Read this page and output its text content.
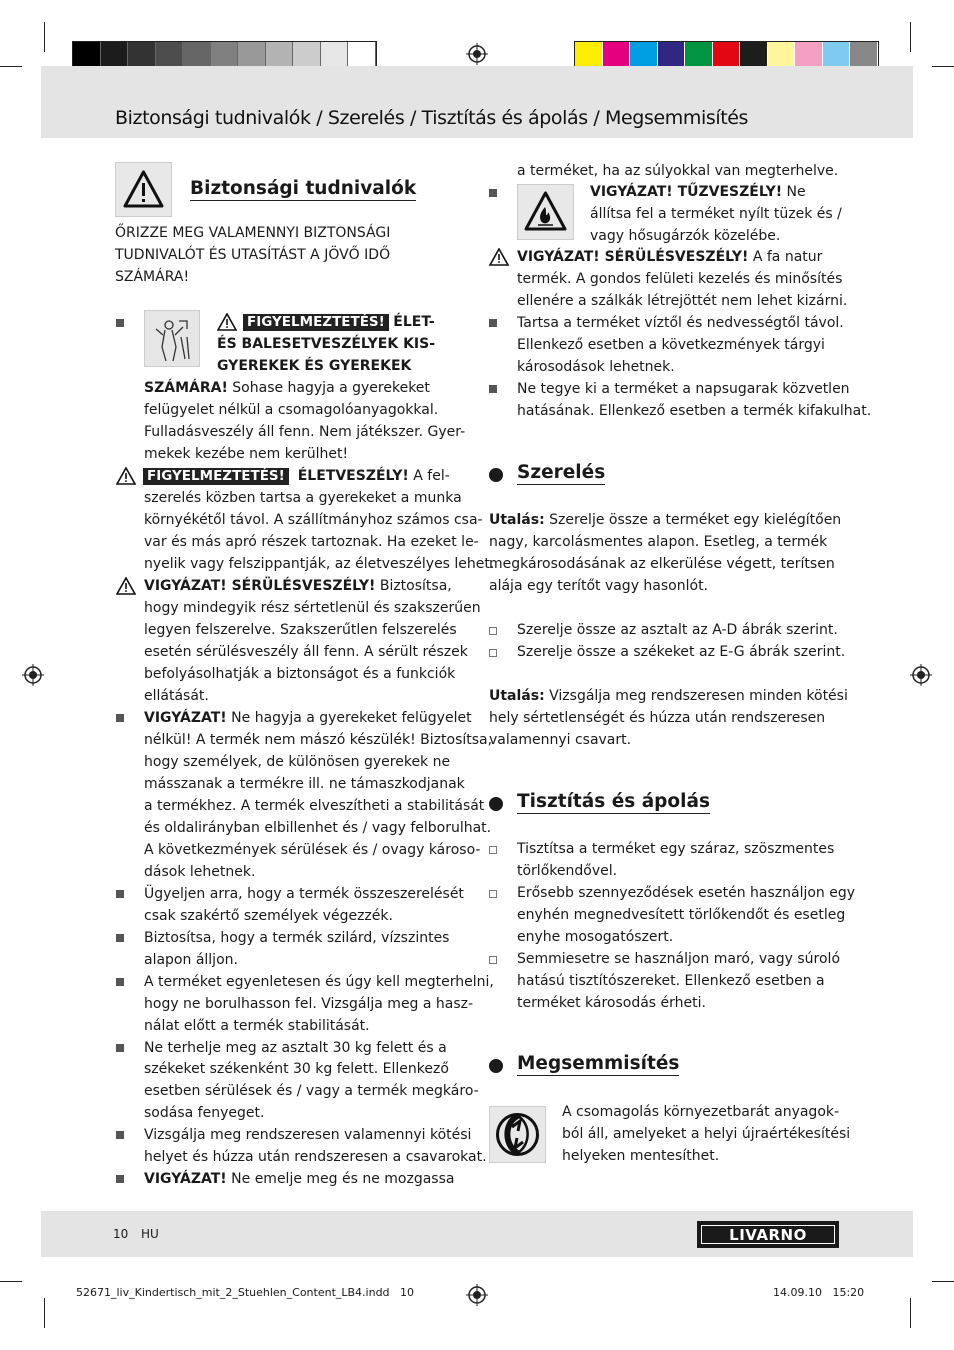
Biztonsági tudnivalók / Szerelés / Tisztítás és ápolás / Megsemmisítés
Biztonsági tudnivalók
ŐRIZZE MEG VALAMENNYI BIZTONSÁGI
TUDNIVALÓT ÉS UTASÍTÁST A JÖVŐ IDŐ
SZÁMÁRA!
FIGYELMEZTETÉS! ÉLET-
ÉS BALESETVESZÉLYEK KIS-
GYEREKEK ÉS GYEREKEK
SZÁMÁRA! Sohase hagyja a gyerekeket
felügyelet nélkül a csomagolóanyagokkal.
Fulladásveszély áll fenn. Nem játékszer. Gyer-
mekek kezébe nem kerülhet!
FIGYELMEZTETÉS! ÉLETVESZÉLY! A fel-
szerelés közben tartsa a gyerekeket a munka
környékétől távol. A szállítmányhoz számos csa-
var és más apró részek tartoznak. Ha ezeket le-
nyelik vagy felszippantják, az életveszélyes lehet.
VIGYÁZAT! SÉRÜLÉSVESZÉLY! Biztosítsa,
hogy mindegyik rész sértetlenül és szakszerűen
legyen felszerelve. Szakszerűtlen felszerelés
esetén sérülésveszély áll fenn. A sérült részek
befolyásolhatják a biztonságot és a funkciók
ellátását.
VIGYÁZAT! Ne hagyja a gyerekeket felügyelet
nélkül! A termék nem mászó készülék! Biztosítsa,
hogy személyek, de különösen gyerekek ne
másszanak a termékre ill. ne támaszkodjanak
a termékhez. A termék elveszítheti a stabilitását
és oldalirányban elbillenhet és / vagy felborulhat.
A következmények sérülések és / ovagy károso-
dások lehetnek.
Ügyeljen arra, hogy a termék összeszerelését
csak szakértő személyek végezzék.
Biztosítsa, hogy a termék szilárd, vízszintes
alapon álljon.
A terméket egyenletesen és úgy kell megterhelni,
hogy ne borulhasson fel. Vizsgálja meg a hasz-
nálat előtt a termék stabilitását.
Ne terhelje meg az asztalt 30 kg felett és a
székeket székenként 30 kg felett. Ellenkező
esetben sérülések és / vagy a termék megkáro-
sodása fenyeget.
Vizsgálja meg rendszeresen valamennyi kötési
helyet és húzza után rendszeresen a csavarokat.
VIGYÁZAT! Ne emelje meg és ne mozgassa
a terméket, ha az súlyokkal van megterhelve.
VIGYÁZAT! TŰZVESZÉLY! Ne
állítsa fel a terméket nyílt tüzek és /
vagy hősugárzók közelébe.
VIGYÁZAT! SÉRÜLÉSVESZÉLY! A fa natur
termék. A gondos felületi kezelés és minősítés
ellenére a szálkák létrejöttét nem lehet kizárni.
Tartsa a terméket víztől és nedvességtől távol.
Ellenkező esetben a következmények tárgyi
károsodások lehetnek.
Ne tegye ki a terméket a napsugarak közvetlen
hatásának. Ellenkező esetben a termék kifakulhat.
Szerelés
Utalás: Szerelje össze a terméket egy kielégítően
nagy, karcolásmentes alapon. Esetleg, a termék
megkárosodásának az elkerülése végett, terítsen
alája egy terítőt vagy hasonlót.
Szerelje össze az asztalt az A-D ábrák szerint.
Szerelje össze a székeket az E-G ábrák szerint.
Utalás: Vizsgálja meg rendszeresen minden kötési
hely sértetlenségét és húzza után rendszeresen
valamennyi csavart.
Tisztítás és ápolás
Tisztítsa a terméket egy száraz, szöszmentes
törlőkendővel.
Erősebb szennyeződések esetén használjon egy
enyhén megnedvesített törlőkendőt és esetleg
enyhe mosogatószert.
Semmiesetre se használjon maró, vagy súroló
hatású tisztítószereket. Ellenkező esetben a
terméket károsodás érheti.
Megsemmisítés
A csomagolás környezetbarát anyagok-
ból áll, amelyeket a helyi újraértékesítési
helyeken mentesíthet.
10 HU	LIVARNO
52671_liv_Kindertisch_mit_2_Stuehlen_Content_LB4.indd   10	14.09.10   15:20
